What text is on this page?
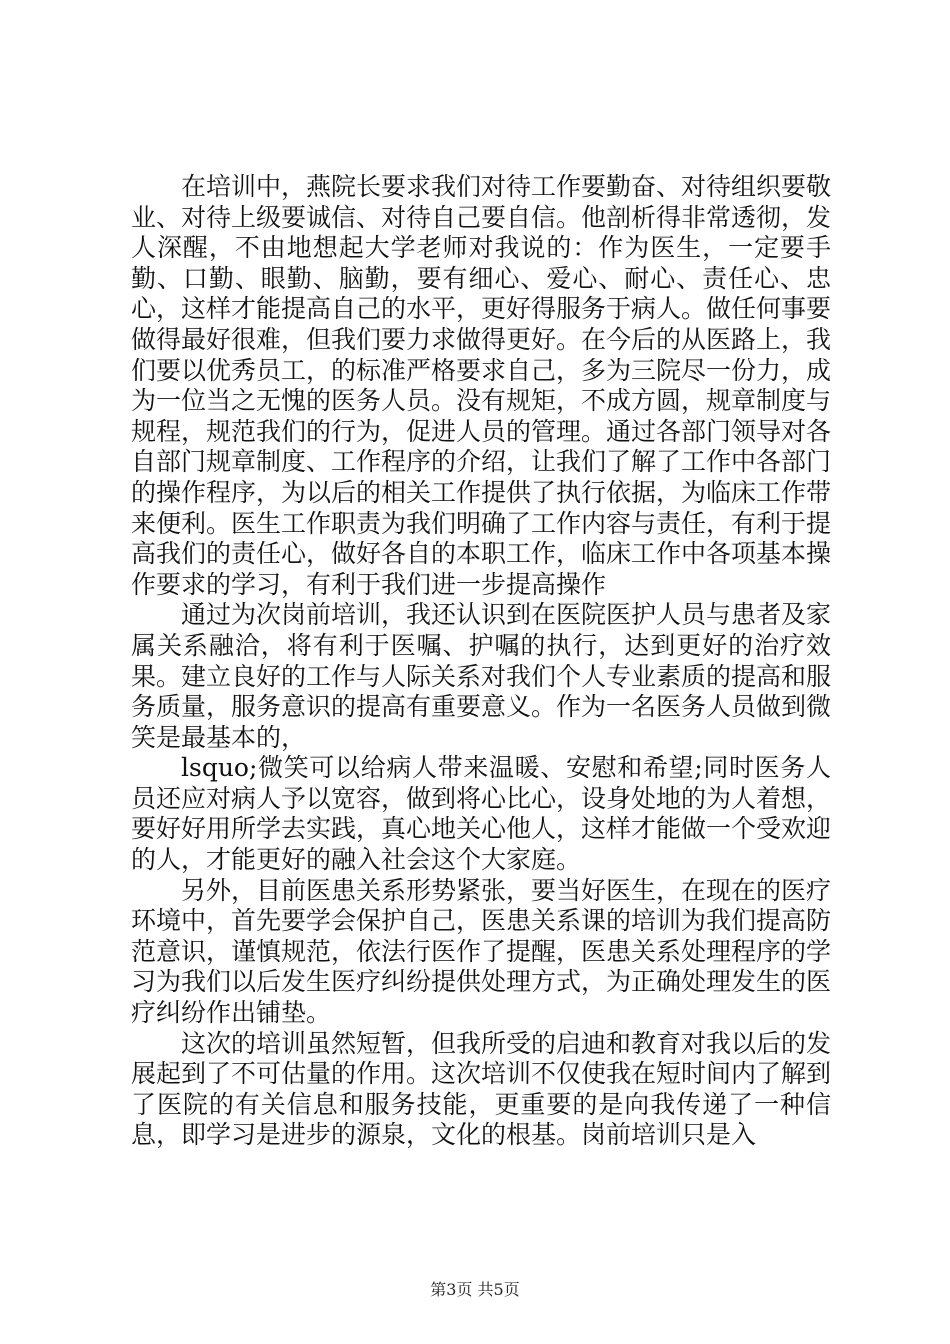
在培训中，燕院长要求我们对待工作要勤奋、对待组织要敬业、对待上级要诚信、对待自己要自信。他剖析得非常透彻，发人深醒，不由地想起大学老师对我说的：作为医生，一定要手勤、口勤、眼勤、脑勤，要有细心、爱心、耐心、责任心、忠心，这样才能提高自己的水平，更好得服务于病人。做任何事要做得最好很难，但我们要力求做得更好。在今后的从医路上，我们要以优秀员工，的标准严格要求自己，多为三院尽一份力，成为一位当之无愧的医务人员。没有规矩，不成方圆，规章制度与规程，规范我们的行为，促进人员的管理。通过各部门领导对各自部门规章制度、工作程序的介绍，让我们了解了工作中各部门的操作程序，为以后的相关工作提供了执行依据，为临床工作带来便利。医生工作职责为我们明确了工作内容与责任，有利于提高我们的责任心，做好各自的本职工作，临床工作中各项基本操作要求的学习，有利于我们进一步提高操作

通过为次岗前培训，我还认识到在医院医护人员与患者及家属关系融洽，将有利于医嘱、护嘱的执行，达到更好的治疗效果。建立良好的工作与人际关系对我们个人专业素质的提高和服务质量，服务意识的提高有重要意义。作为一名医务人员做到微笑是最基本的，

lsquo;微笑可以给病人带来温暖、安慰和希望;同时医务人员还应对病人予以宽容，做到将心比心，设身处地的为人着想，要好好用所学去实践，真心地关心他人，这样才能做一个受欢迎的人，才能更好的融入社会这个大家庭。

另外，目前医患关系形势紧张，要当好医生，在现在的医疗环境中，首先要学会保护自己，医患关系课的培训为我们提高防范意识，谨慎规范，依法行医作了提醒，医患关系处理程序的学习为我们以后发生医疗纠纷提供处理方式，为正确处理发生的医疗纠纷作出铺垫。

这次的培训虽然短暂，但我所受的启迪和教育对我以后的发展起到了不可估量的作用。这次培训不仅使我在短时间内了解到了医院的有关信息和服务技能，更重要的是向我传递了一种信息，即学习是进步的源泉，文化的根基。岗前培训只是入

第3页 共5页
